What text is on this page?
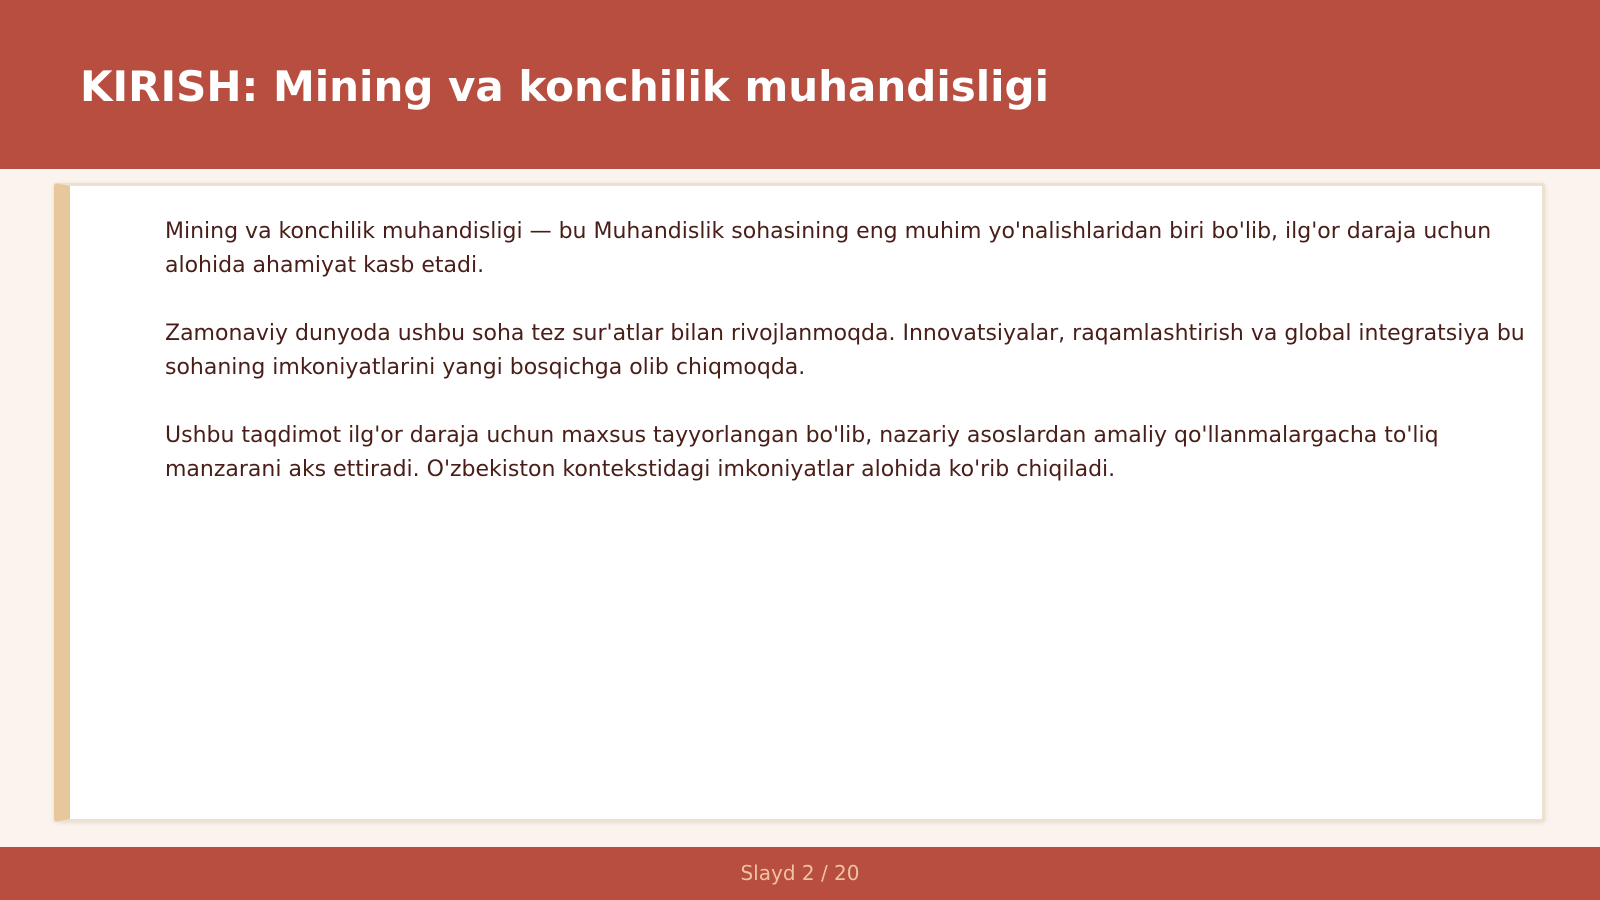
KIRISH: Mining va konchilik muhandisligi

Mining va konchilik muhandisligi — bu Muhandislik sohasining eng muhim yo'nalishlaridan biri bo'lib, ilg'or daraja uchun alohida ahamiyat kasb etadi.

Zamonaviy dunyoda ushbu soha tez sur'atlar bilan rivojlanmoqda. Innovatsiyalar, raqamlashtirish va global integratsiya bu sohaning imkoniyatlarini yangi bosqichga olib chiqmoqda.

Ushbu taqdimot ilg'or daraja uchun maxsus tayyorlangan bo'lib, nazariy asoslardan amaliy qo'llanmalargacha to'liq manzarani aks ettiradi. O'zbekiston kontekstidagi imkoniyatlar alohida ko'rib chiqiladi.

Slayd 2 / 20
